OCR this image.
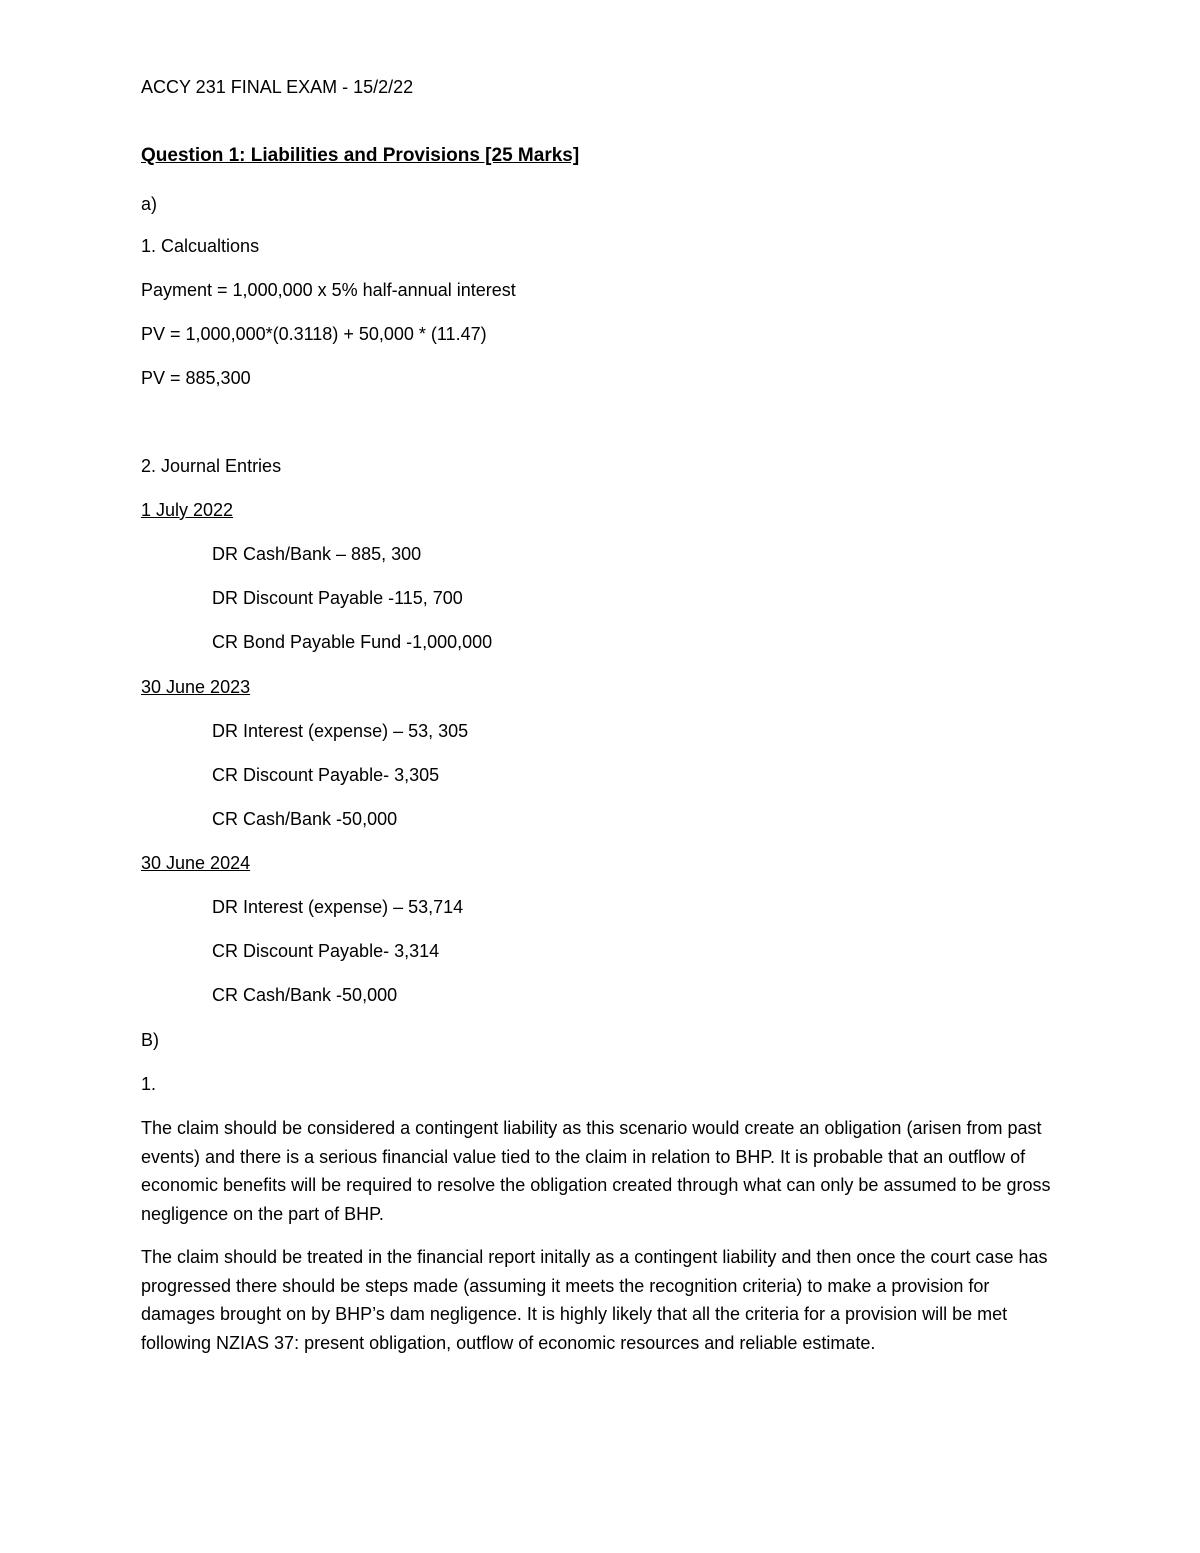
ACCY 231 FINAL EXAM - 15/2/22
Question 1: Liabilities and Provisions [25 Marks]
a)
1. Calcualtions
Payment = 1,000,000 x 5% half-annual interest
PV = 1,000,000*(0.3118) + 50,000 * (11.47)
PV = 885,300
2. Journal Entries
1 July 2022
DR Cash/Bank – 885, 300
DR Discount Payable -115, 700
CR Bond Payable Fund -1,000,000
30 June 2023
DR Interest (expense) – 53, 305
CR Discount Payable- 3,305
CR Cash/Bank -50,000
30 June 2024
DR Interest (expense) – 53,714
CR Discount Payable- 3,314
CR Cash/Bank -50,000
B)
1.
The claim should be considered a contingent liability as this scenario would create an obligation (arisen from past events) and there is a serious financial value tied to the claim in relation to BHP. It is probable that an outflow of economic benefits will be required to resolve the obligation created through what can only be assumed to be gross negligence on the part of BHP.
The claim should be treated in the financial report initally as a contingent liability and then once the court case has progressed there should be steps made (assuming it meets the recognition criteria) to make a provision for damages brought on by BHP’s dam negligence. It is highly likely that all the criteria for a provision will be met following NZIAS 37: present obligation, outflow of economic resources and reliable estimate.
